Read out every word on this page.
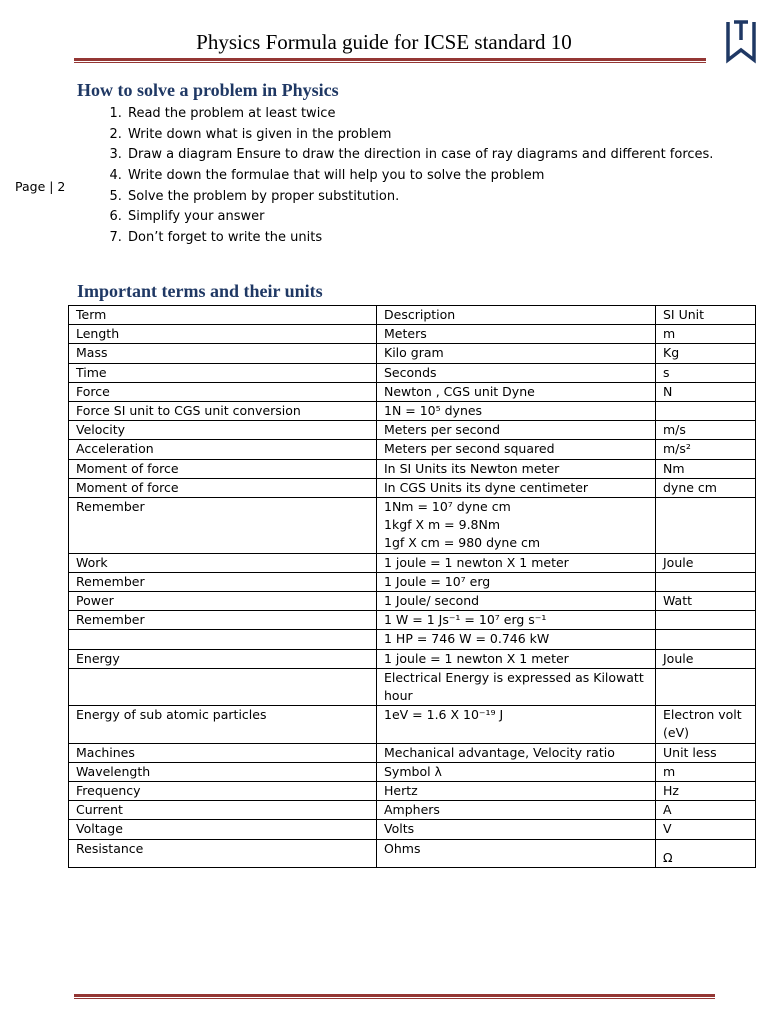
Physics Formula guide for ICSE standard 10
Page | 2
How to solve a problem in Physics
1. Read the problem at least twice
2. Write down what is given in the problem
3. Draw a diagram Ensure to draw the direction in case of ray diagrams and different forces.
4. Write down the formulae that will help you to solve the problem
5. Solve the problem by proper substitution.
6. Simplify your answer
7. Don’t forget to write the units
Important terms and their units
Term	Description	SI Unit
Length	Meters	m
Mass	Kilo gram	Kg
Time	Seconds	s
Force	Newton , CGS unit Dyne	N
Force SI unit to CGS unit conversion	1N = 10⁵ dynes	
Velocity	Meters per second	m/s
Acceleration	Meters per second squared	m/s²
Moment of force	In SI Units its Newton meter	Nm
Moment of force	In CGS Units its dyne centimeter	dyne cm
Remember	1Nm = 10⁷ dyne cm
1kgf X m = 9.8Nm
1gf X cm = 980 dyne cm	
Work	1 joule = 1 newton X 1 meter	Joule
Remember	1 Joule = 10⁷ erg	
Power	1 Joule/ second	Watt
Remember	1 W = 1 Js⁻¹ = 10⁷ erg s⁻¹	
	1 HP = 746 W = 0.746 kW	
Energy	1 joule = 1 newton X 1 meter	Joule
	Electrical Energy is expressed as Kilowatt hour	
Energy of sub atomic particles	1eV = 1.6 X 10⁻¹⁹ J	Electron volt (eV)
Machines	Mechanical advantage, Velocity ratio	Unit less
Wavelength	Symbol λ	m
Frequency	Hertz	Hz
Current	Amphers	A
Voltage	Volts	V
Resistance	Ohms	Ω
